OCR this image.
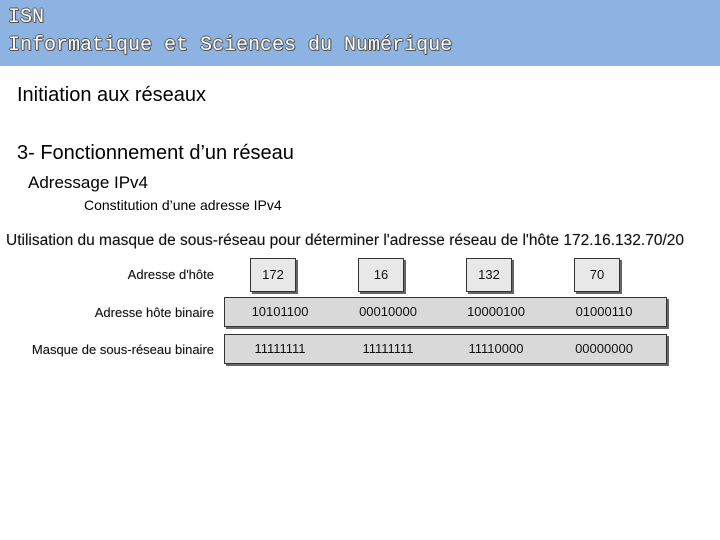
ISN
Informatique et Sciences du Numérique
Initiation aux réseaux
3- Fonctionnement d’un réseau
Adressage IPv4
Constitution d’une adresse IPv4
Utilisation du masque de sous-réseau pour déterminer l'adresse réseau de l'hôte 172.16.132.70/20
Adresse d'hôte	172	16	132	70
Adresse hôte binaire	10101100	00010000	10000100	01000110
Masque de sous-réseau binaire	11111111	11111111	11110000	00000000
